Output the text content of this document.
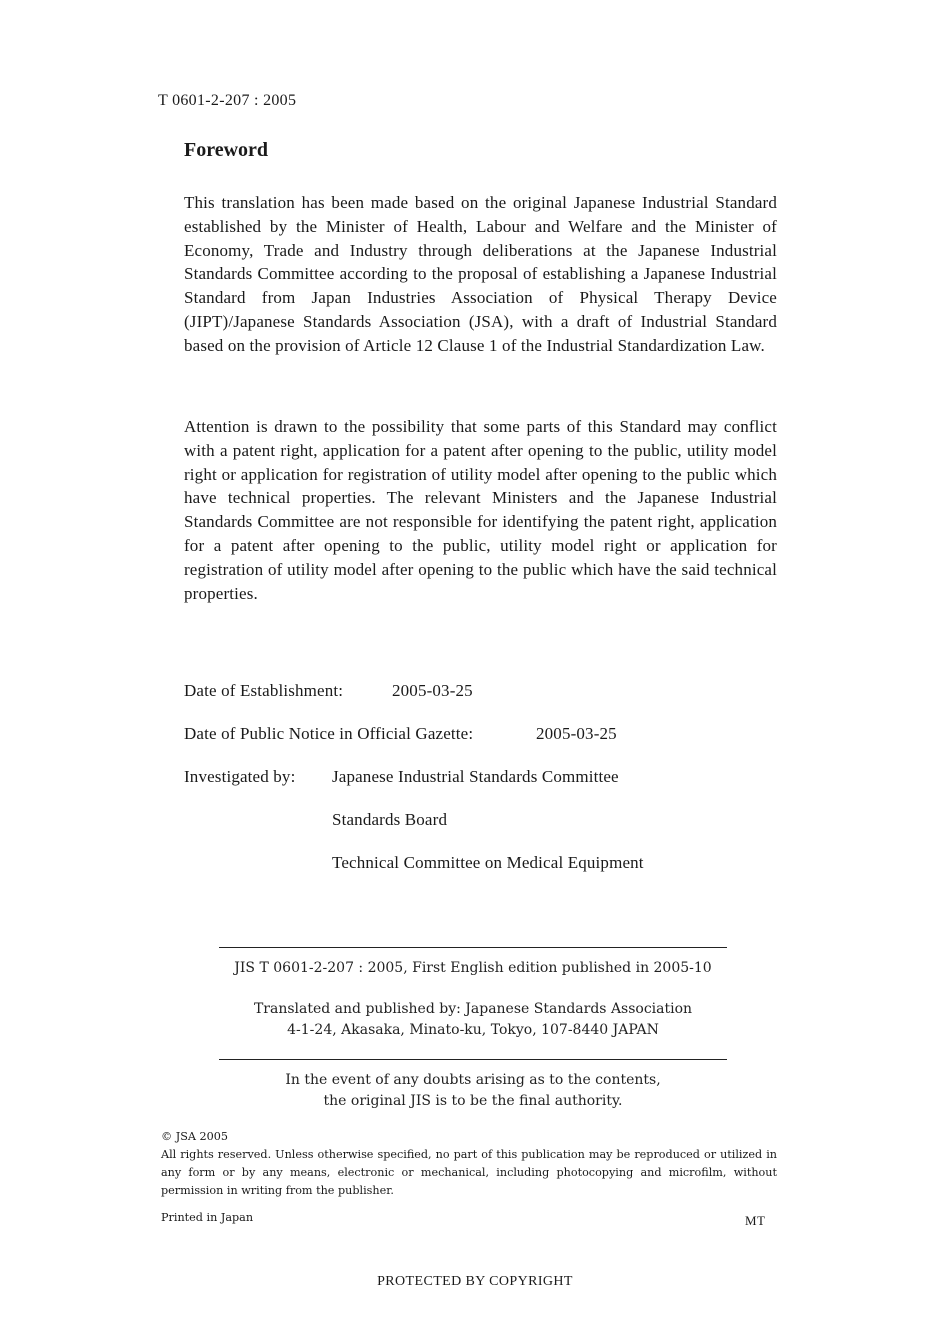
T 0601-2-207 : 2005
Foreword

This translation has been made based on the original Japanese Industrial Standard established by the Minister of Health, Labour and Welfare and the Minister of Economy, Trade and Industry through deliberations at the Japanese Industrial Standards Committee according to the proposal of establishing a Japanese Industrial Standard from Japan Industries Association of Physical Therapy Device (JIPT)/Japanese Standards Association (JSA), with a draft of Industrial Standard based on the provision of Article 12 Clause 1 of the Industrial Standardization Law.

Attention is drawn to the possibility that some parts of this Standard may conflict with a patent right, application for a patent after opening to the public, utility model right or application for registration of utility model after opening to the public which have technical properties. The relevant Ministers and the Japanese Industrial Standards Committee are not responsible for identifying the patent right, application for a patent after opening to the public, utility model right or application for registration of utility model after opening to the public which have the said technical properties.

Date of Establishment:	2005-03-25
Date of Public Notice in Official Gazette:	2005-03-25
Investigated by: Japanese Industrial Standards Committee
Standards Board
Technical Committee on Medical Equipment
JIS T 0601-2-207 : 2005, First English edition published in 2005-10
Translated and published by: Japanese Standards Association
4-1-24, Akasaka, Minato-ku, Tokyo, 107-8440 JAPAN
In the event of any doubts arising as to the contents,
the original JIS is to be the final authority.
© JSA 2005
All rights reserved. Unless otherwise specified, no part of this publication may be reproduced or utilized in any form or by any means, electronic or mechanical, including photocopying and microfilm, without permission in writing from the publisher.
Printed in Japan	MT
PROTECTED BY COPYRIGHT
